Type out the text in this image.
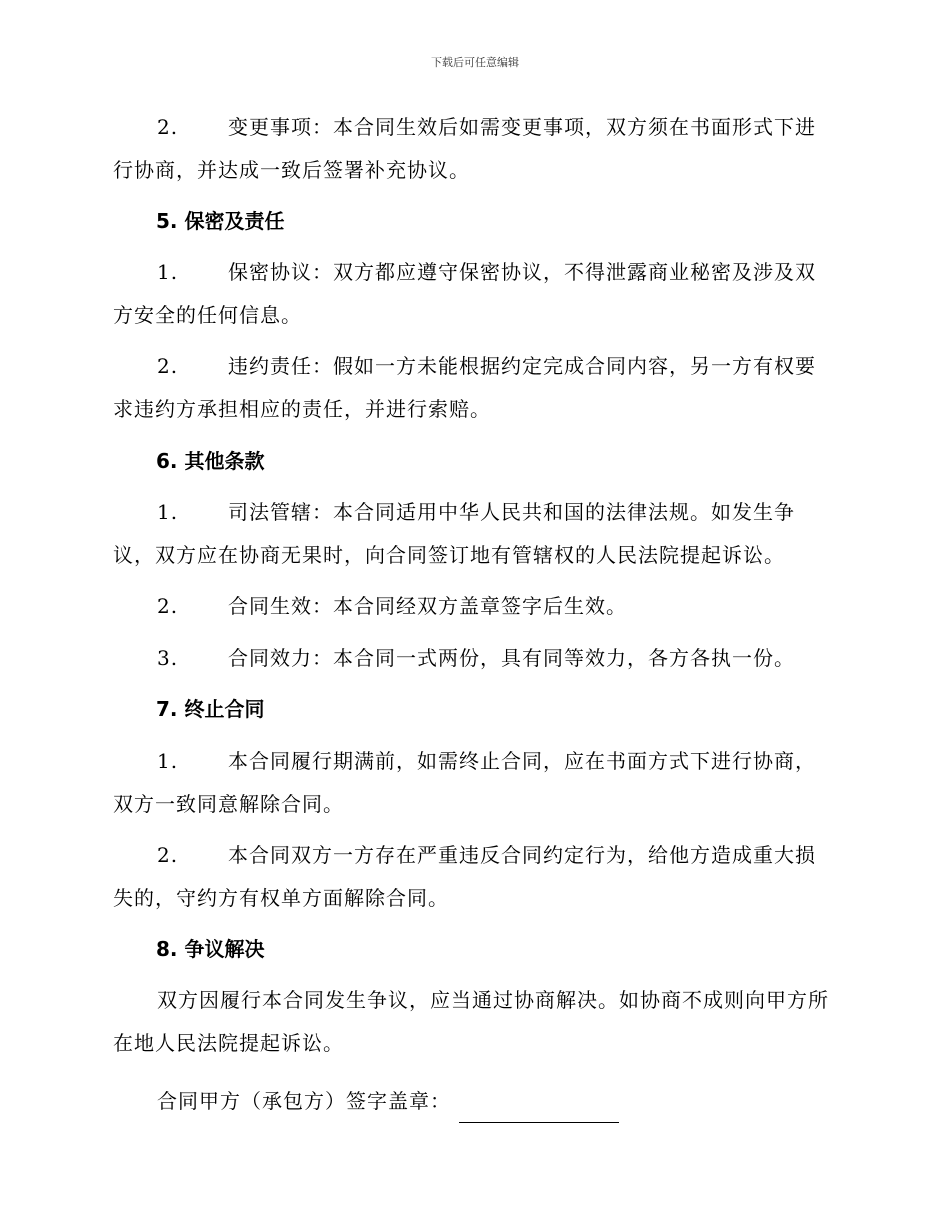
下载后可任意编辑
2. 变更事项：本合同生效后如需变更事项，双方须在书面形式下进行协商，并达成一致后签署补充协议。
5. 保密及责任
1. 保密协议：双方都应遵守保密协议，不得泄露商业秘密及涉及双方安全的任何信息。
2. 违约责任：假如一方未能根据约定完成合同内容，另一方有权要求违约方承担相应的责任，并进行索赔。
6. 其他条款
1. 司法管辖：本合同适用中华人民共和国的法律法规。如发生争议，双方应在协商无果时，向合同签订地有管辖权的人民法院提起诉讼。
2. 合同生效：本合同经双方盖章签字后生效。
3. 合同效力：本合同一式两份，具有同等效力，各方各执一份。
7. 终止合同
1. 本合同履行期满前，如需终止合同，应在书面方式下进行协商，双方一致同意解除合同。
2. 本合同双方一方存在严重违反合同约定行为，给他方造成重大损失的，守约方有权单方面解除合同。
8. 争议解决
双方因履行本合同发生争议，应当通过协商解决。如协商不成则向甲方所在地人民法院提起诉讼。
合同甲方（承包方）签字盖章：
